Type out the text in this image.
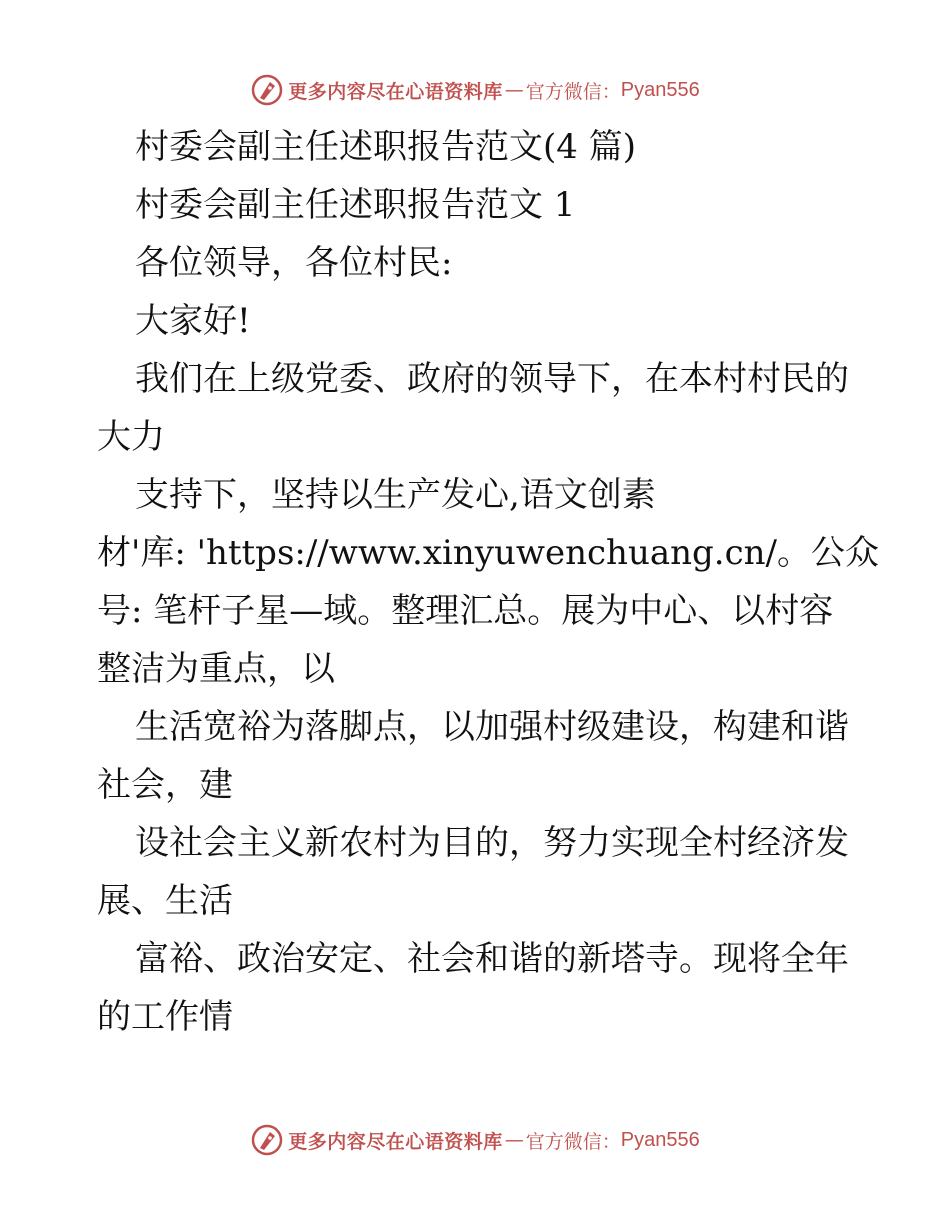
更多内容尽在心语资料库 — 官方微信： Pyan556
村委会副主任述职报告范文(4 篇)
村委会副主任述职报告范文 1
各位领导，各位村民:
大家好!
我们在上级党委、政府的领导下，在本村村民的
大力
支持下，坚持以生产发心,语文创素
材'库: 'https://www.xinyuwenchuang.cn/。公众
号: 笔杆子星—域。整理汇总。展为中心、以村容
整洁为重点，以
生活宽裕为落脚点，以加强村级建设，构建和谐
社会，建
设社会主义新农村为目的，努力实现全村经济发
展、生活
富裕、政治安定、社会和谐的新塔寺。现将全年
的工作情
更多内容尽在心语资料库 — 官方微信： Pyan556
